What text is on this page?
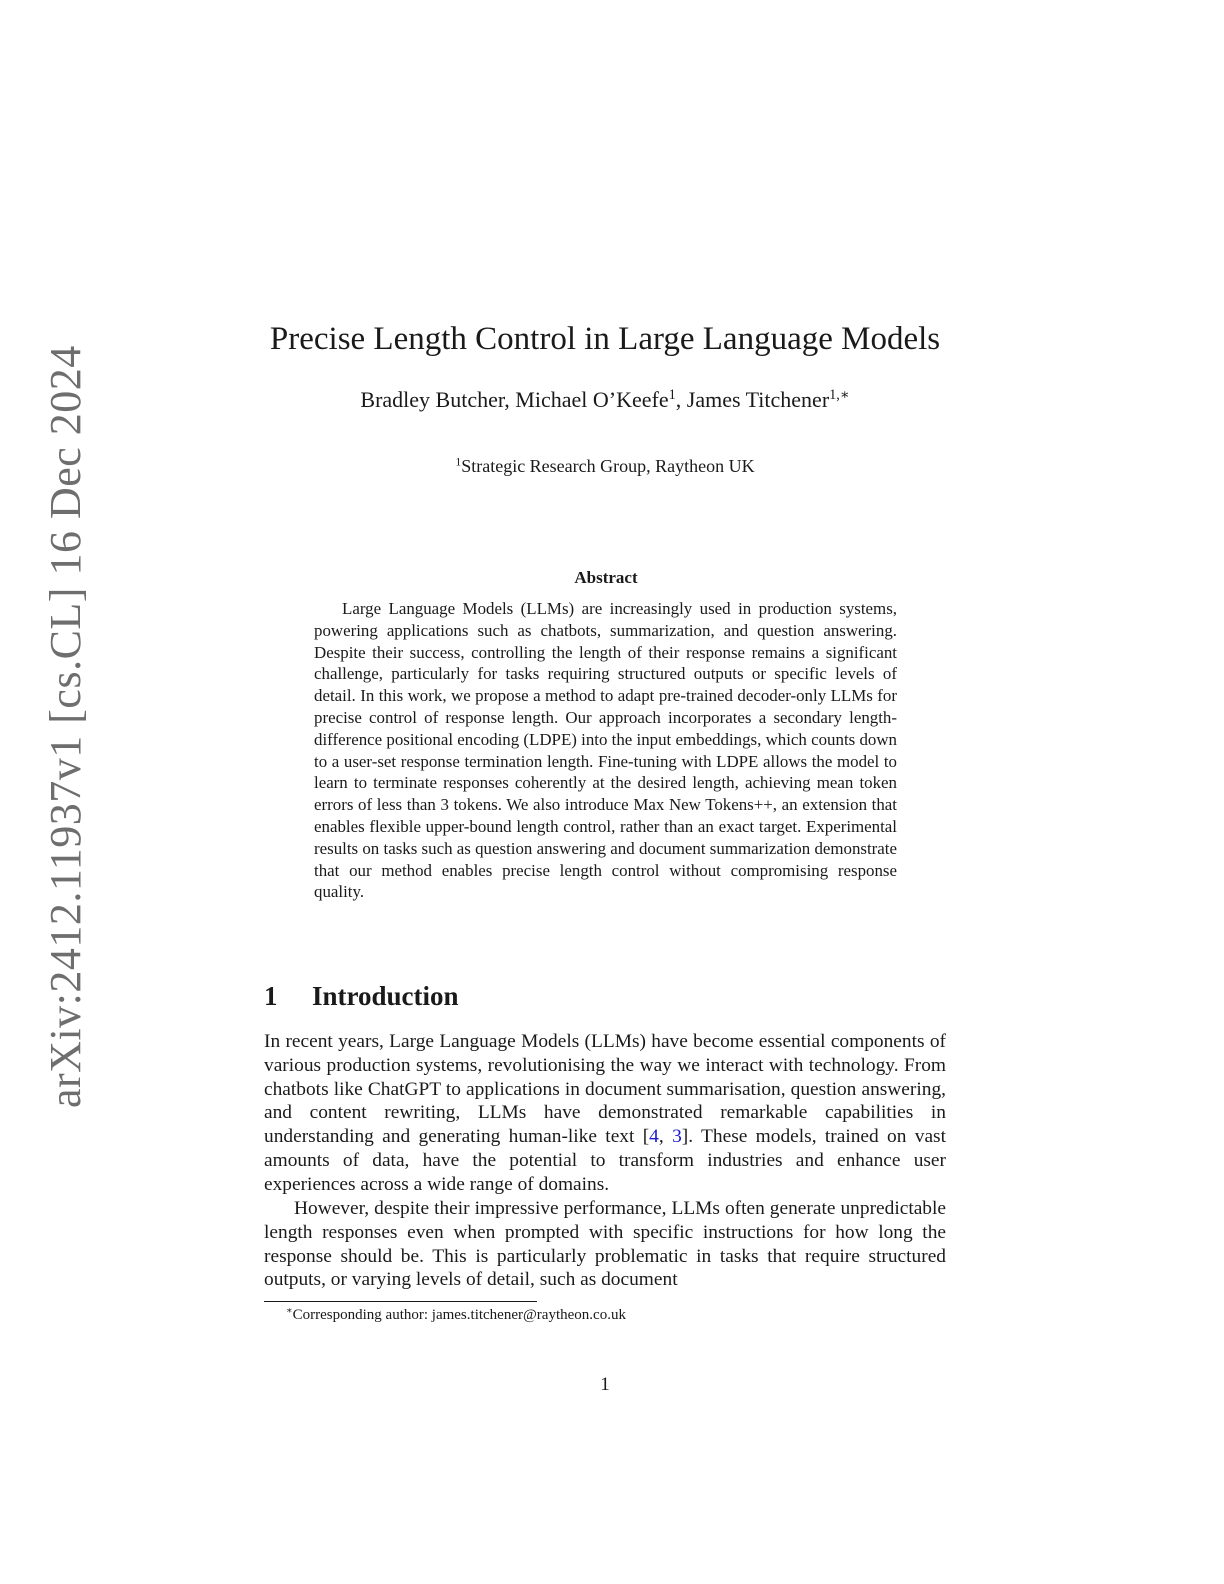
arXiv:2412.11937v1 [cs.CL] 16 Dec 2024
Precise Length Control in Large Language Models
Bradley Butcher, Michael O’Keefe$^1$, James Titchener$^{1,∗}$
$^1$Strategic Research Group, Raytheon UK
Abstract

Large Language Models (LLMs) are increasingly used in production systems, powering applications such as chatbots, summarization, and question answering. Despite their success, controlling the length of their response remains a significant challenge, particularly for tasks requiring structured outputs or specific levels of detail. In this work, we propose a method to adapt pre-trained decoder-only LLMs for precise control of response length. Our approach incorporates a secondary length-difference positional encoding (LDPE) into the input embeddings, which counts down to a user-set response termination length. Fine-tuning with LDPE allows the model to learn to terminate responses coherently at the desired length, achieving mean token errors of less than 3 tokens. We also introduce Max New Tokens++, an extension that enables flexible upper-bound length control, rather than an exact target. Experimental results on tasks such as question answering and document summarization demonstrate that our method enables precise length control without compromising response quality.

1 Introduction

In recent years, Large Language Models (LLMs) have become essential components of various production systems, revolutionising the way we interact with technology. From chatbots like ChatGPT to applications in document summarisation, question answering, and content rewriting, LLMs have demonstrated remarkable capabilities in understanding and generating human-like text [4, 3]. These models, trained on vast amounts of data, have the potential to transform industries and enhance user experiences across a wide range of domains.

However, despite their impressive performance, LLMs often generate unpredictable length responses even when prompted with specific instructions for how long the response should be. This is particularly problematic in tasks that require structured outputs, or varying levels of detail, such as document

∗Corresponding author: james.titchener@raytheon.co.uk

1
